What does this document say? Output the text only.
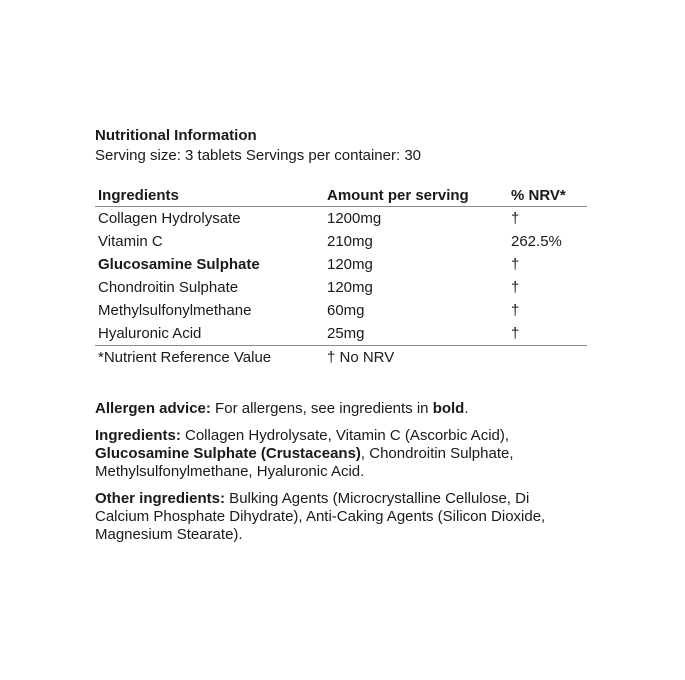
Nutritional Information
Serving size: 3 tablets Servings per container: 30
Ingredients	Amount per serving	% NRV*
Collagen Hydrolysate	1200mg	†
Vitamin C	210mg	262.5%
Glucosamine Sulphate	120mg	†
Chondroitin Sulphate	120mg	†
Methylsulfonylmethane	60mg	†
Hyaluronic Acid	25mg	†
*Nutrient Reference Value	† No NRV	

Allergen advice: For allergens, see ingredients in bold.

Ingredients: Collagen Hydrolysate, Vitamin C (Ascorbic Acid), Glucosamine Sulphate (Crustaceans), Chondroitin Sulphate, Methylsulfonylmethane, Hyaluronic Acid.

Other ingredients: Bulking Agents (Microcrystalline Cellulose, Di Calcium Phosphate Dihydrate), Anti-Caking Agents (Silicon Dioxide, Magnesium Stearate).
